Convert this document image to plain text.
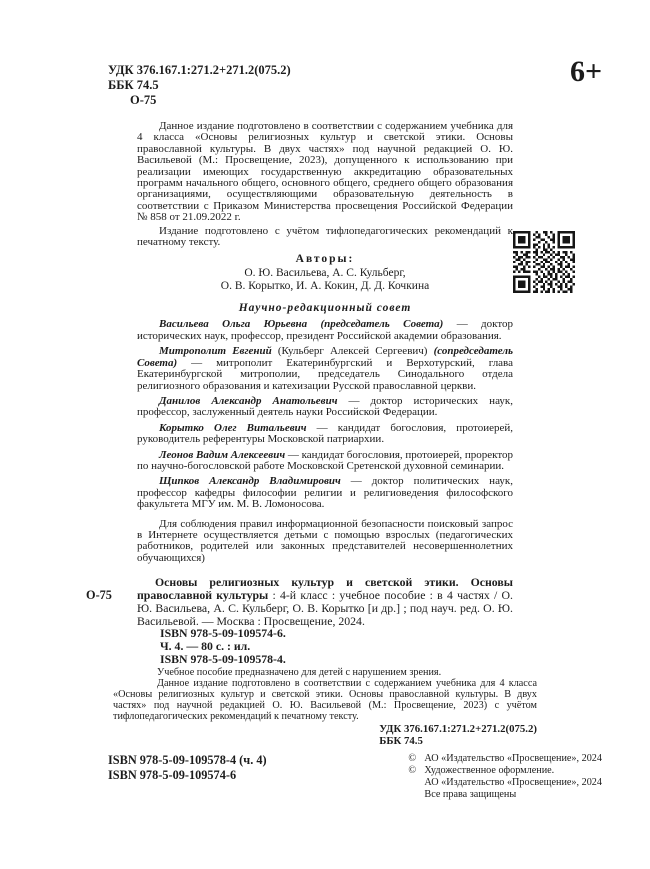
УДК 376.167.1:271.2+271.2(075.2)
ББК 74.5
О-75
6+

Данное издание подготовлено в соответствии с содержанием учебника для 4 класса «Основы религиозных культур и светской этики. Основы православной культуры. В двух частях» под научной редакцией О. Ю. Васильевой (М.: Просвещение, 2023), допущенного к использованию при реализации имеющих государственную аккредитацию образовательных программ начального общего, основного общего, среднего общего образования организациями, осуществляющими образовательную деятельность в соответствии с Приказом Министерства просвещения Российской Федерации № 858 от 21.09.2022 г.

Издание подготовлено с учётом тифлопедагогических рекомендаций к печатному тексту.

Авторы:
О. Ю. Васильева, А. С. Кульберг,
О. В. Корытко, И. А. Кокин, Д. Д. Кочкина
Научно-редакционный совет

Васильева Ольга Юрьевна (председатель Совета) — доктор исторических наук, профессор, президент Российской академии образования.

Митрополит Евгений (Кульберг Алексей Сергеевич) (сопредседатель Совета) — митрополит Екатеринбургский и Верхотурский, глава Екатеринбургской митрополии, председатель Синодального отдела религиозного образования и катехизации Русской православной церкви.

Данилов Александр Анатольевич — доктор исторических наук, профессор, заслуженный деятель науки Российской Федерации.

Корытко Олег Витальевич — кандидат богословия, протоиерей, руководитель референтуры Московской патриархии.

Леонов Вадим Алексеевич — кандидат богословия, протоиерей, проректор по научно-богословской работе Московской Сретенской духовной семинарии.

Щипков Александр Владимирович — доктор политических наук, профессор кафедры философии религии и религиоведения философского факультета МГУ им. М. В. Ломоносова.

Для соблюдения правил информационной безопасности поисковый запрос в Интернете осуществляется детьми с помощью взрослых (педагогических работников, родителей или законных представителей несовершеннолетних обучающихся)

О-75

Основы религиозных культур и светской этики. Основы православной культуры : 4-й класс : учебное пособие : в 4 частях / О. Ю. Васильева, А. С. Кульберг, О. В. Корытко [и др.] ; под науч. ред. О. Ю. Васильевой. — Москва : Просвещение, 2024.

ISBN 978-5-09-109574-6.

Ч. 4. — 80 с. : ил.

ISBN 978-5-09-109578-4.

Учебное пособие предназначено для детей с нарушением зрения.

Данное издание подготовлено в соответствии с содержанием учебника для 4 класса «Основы религиозных культур и светской этики. Основы православной культуры. В двух частях» под научной редакцией О. Ю. Васильевой (М.: Просвещение, 2023) с учётом тифлопедагогических рекомендаций к печатному тексту.

УДК 376.167.1:271.2+271.2(075.2)
ББК 74.5
ISBN 978-5-09-109578-4 (ч. 4)
ISBN 978-5-09-109574-6
© АО «Издательство «Просвещение», 2024
© Художественное оформление.
АО «Издательство «Просвещение», 2024
Все права защищены
